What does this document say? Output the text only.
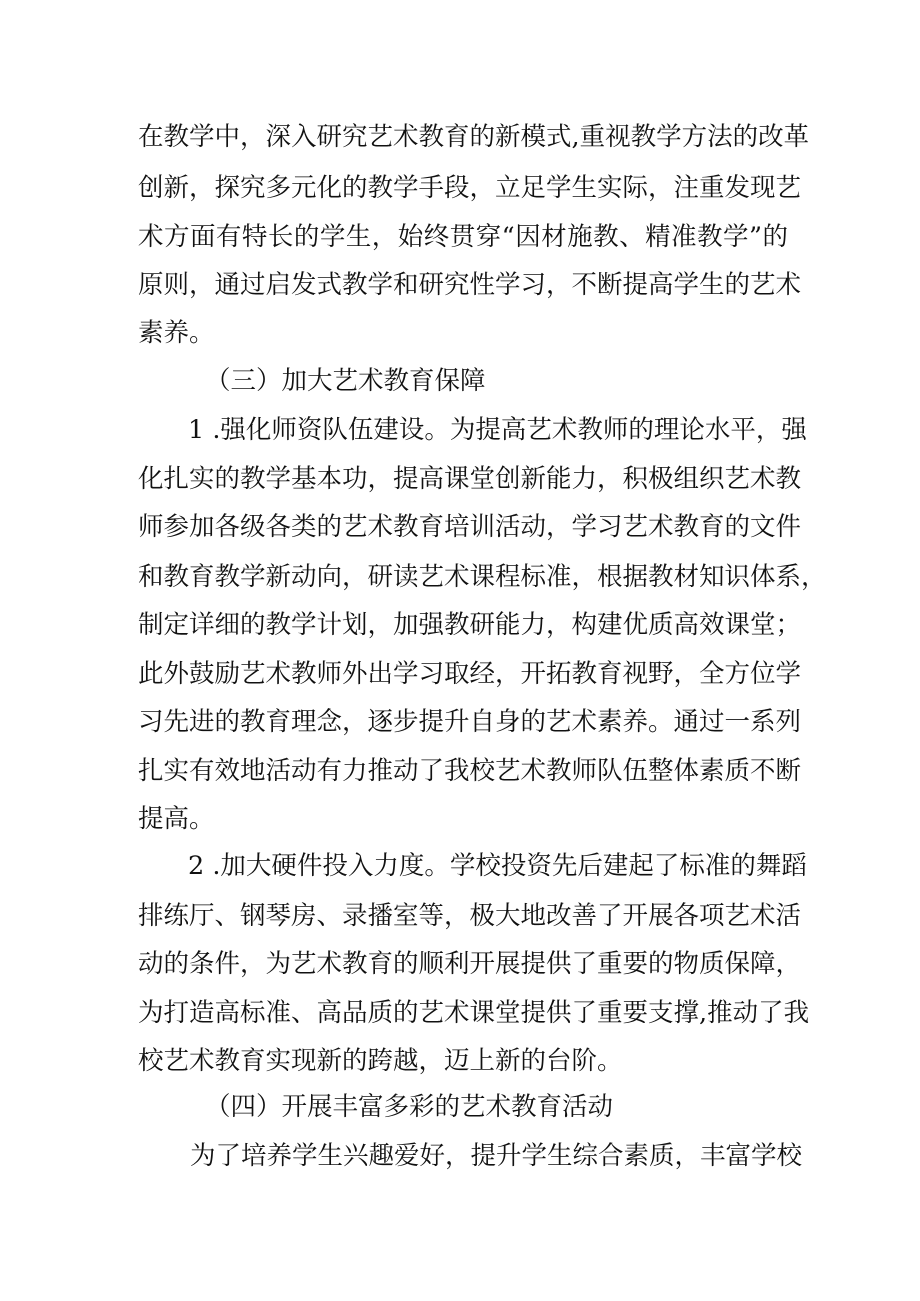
在教学中，深入研究艺术教育的新模式,重视教学方法的改革
创新，探究多元化的教学手段，立足学生实际，注重发现艺
术方面有特长的学生，始终贯穿“因材施教、精准教学”的
原则，通过启发式教学和研究性学习，不断提高学生的艺术
素养。
（三）加大艺术教育保障
1 .强化师资队伍建设。为提高艺术教师的理论水平，强
化扎实的教学基本功，提高课堂创新能力，积极组织艺术教
师参加各级各类的艺术教育培训活动，学习艺术教育的文件
和教育教学新动向，研读艺术课程标准，根据教材知识体系，
制定详细的教学计划，加强教研能力，构建优质高效课堂；
此外鼓励艺术教师外出学习取经，开拓教育视野，全方位学
习先进的教育理念，逐步提升自身的艺术素养。通过一系列
扎实有效地活动有力推动了我校艺术教师队伍整体素质不断
提高。
2 .加大硬件投入力度。学校投资先后建起了标准的舞蹈
排练厅、钢琴房、录播室等，极大地改善了开展各项艺术活
动的条件，为艺术教育的顺利开展提供了重要的物质保障，
为打造高标准、高品质的艺术课堂提供了重要支撑,推动了我
校艺术教育实现新的跨越，迈上新的台阶。
（四）开展丰富多彩的艺术教育活动
为了培养学生兴趣爱好，提升学生综合素质，丰富学校
